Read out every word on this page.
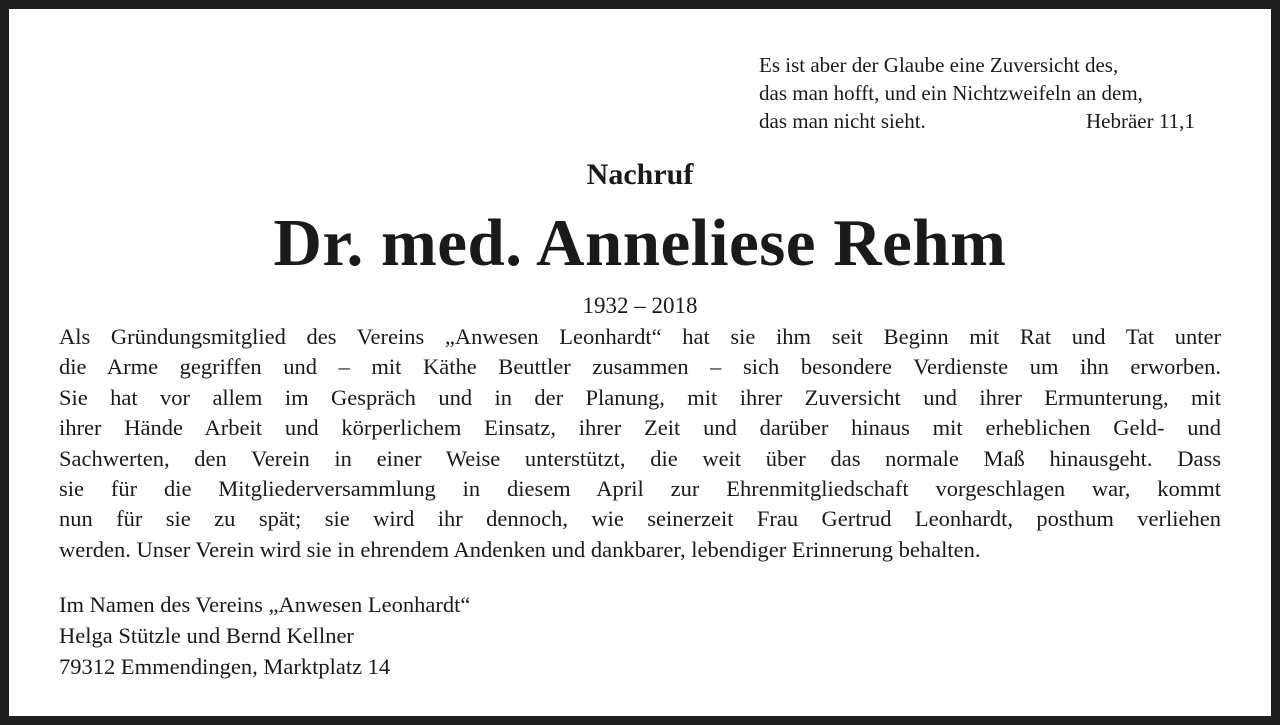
Es ist aber der Glaube eine Zuversicht des,
das man hofft, und ein Nichtzweifeln an dem,
das man nicht sieht.	Hebräer 11,1
Nachruf
Dr. med. Anneliese Rehm
1932 – 2018
Als Gründungsmitglied des Vereins „Anwesen Leonhardt“ hat sie ihm seit Beginn mit Rat und Tat unter
die Arme gegriffen und – mit Käthe Beuttler zusammen – sich besondere Verdienste um ihn erworben.
Sie hat vor allem im Gespräch und in der Planung, mit ihrer Zuversicht und ihrer Ermunterung, mit
ihrer Hände Arbeit und körperlichem Einsatz, ihrer Zeit und darüber hinaus mit erheblichen Geld- und
Sachwerten, den Verein in einer Weise unterstützt, die weit über das normale Maß hinausgeht. Dass
sie für die Mitgliederversammlung in diesem April zur Ehrenmitgliedschaft vorgeschlagen war, kommt
nun für sie zu spät; sie wird ihr dennoch, wie seinerzeit Frau Gertrud Leonhardt, posthum verliehen
werden. Unser Verein wird sie in ehrendem Andenken und dankbarer, lebendiger Erinnerung behalten.
Im Namen des Vereins „Anwesen Leonhardt“
Helga Stützle und Bernd Kellner
79312 Emmendingen, Marktplatz 14
